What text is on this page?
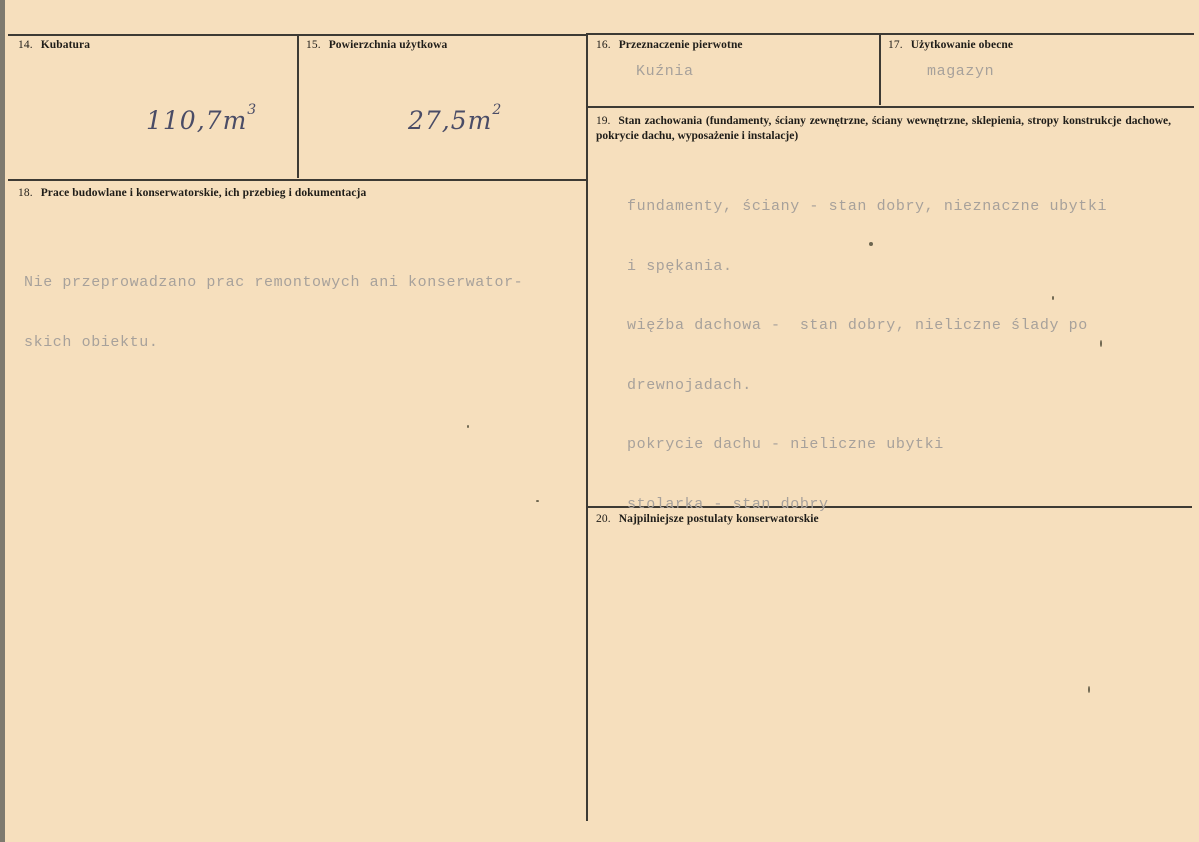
14. Kubatura
$110,7m^3$
15. Powierzchnia użytkowa
$27,5m^2$
16. Przeznaczenie pierwotne
Kuźnia
17. Użytkowanie obecne
magazyn
18. Prace budowlane i konserwatorskie, ich przebieg i dokumentacja

Nie przeprowadzano prac remontowych ani konserwator-

skich obiektu.

19. Stan zachowania (fundamenty, ściany zewnętrzne, ściany wewnętrzne, sklepienia, stropy konstrukcje dachowe, pokrycie dachu, wyposażenie i instalacje)

fundamenty, ściany - stan dobry, nieznaczne ubytki

i spękania.

więźba dachowa -  stan dobry, nieliczne ślady po

drewnojadach.

pokrycie dachu - nieliczne ubytki

stolarka - stan dobry

20. Najpilniejsze postulaty konserwatorskie
